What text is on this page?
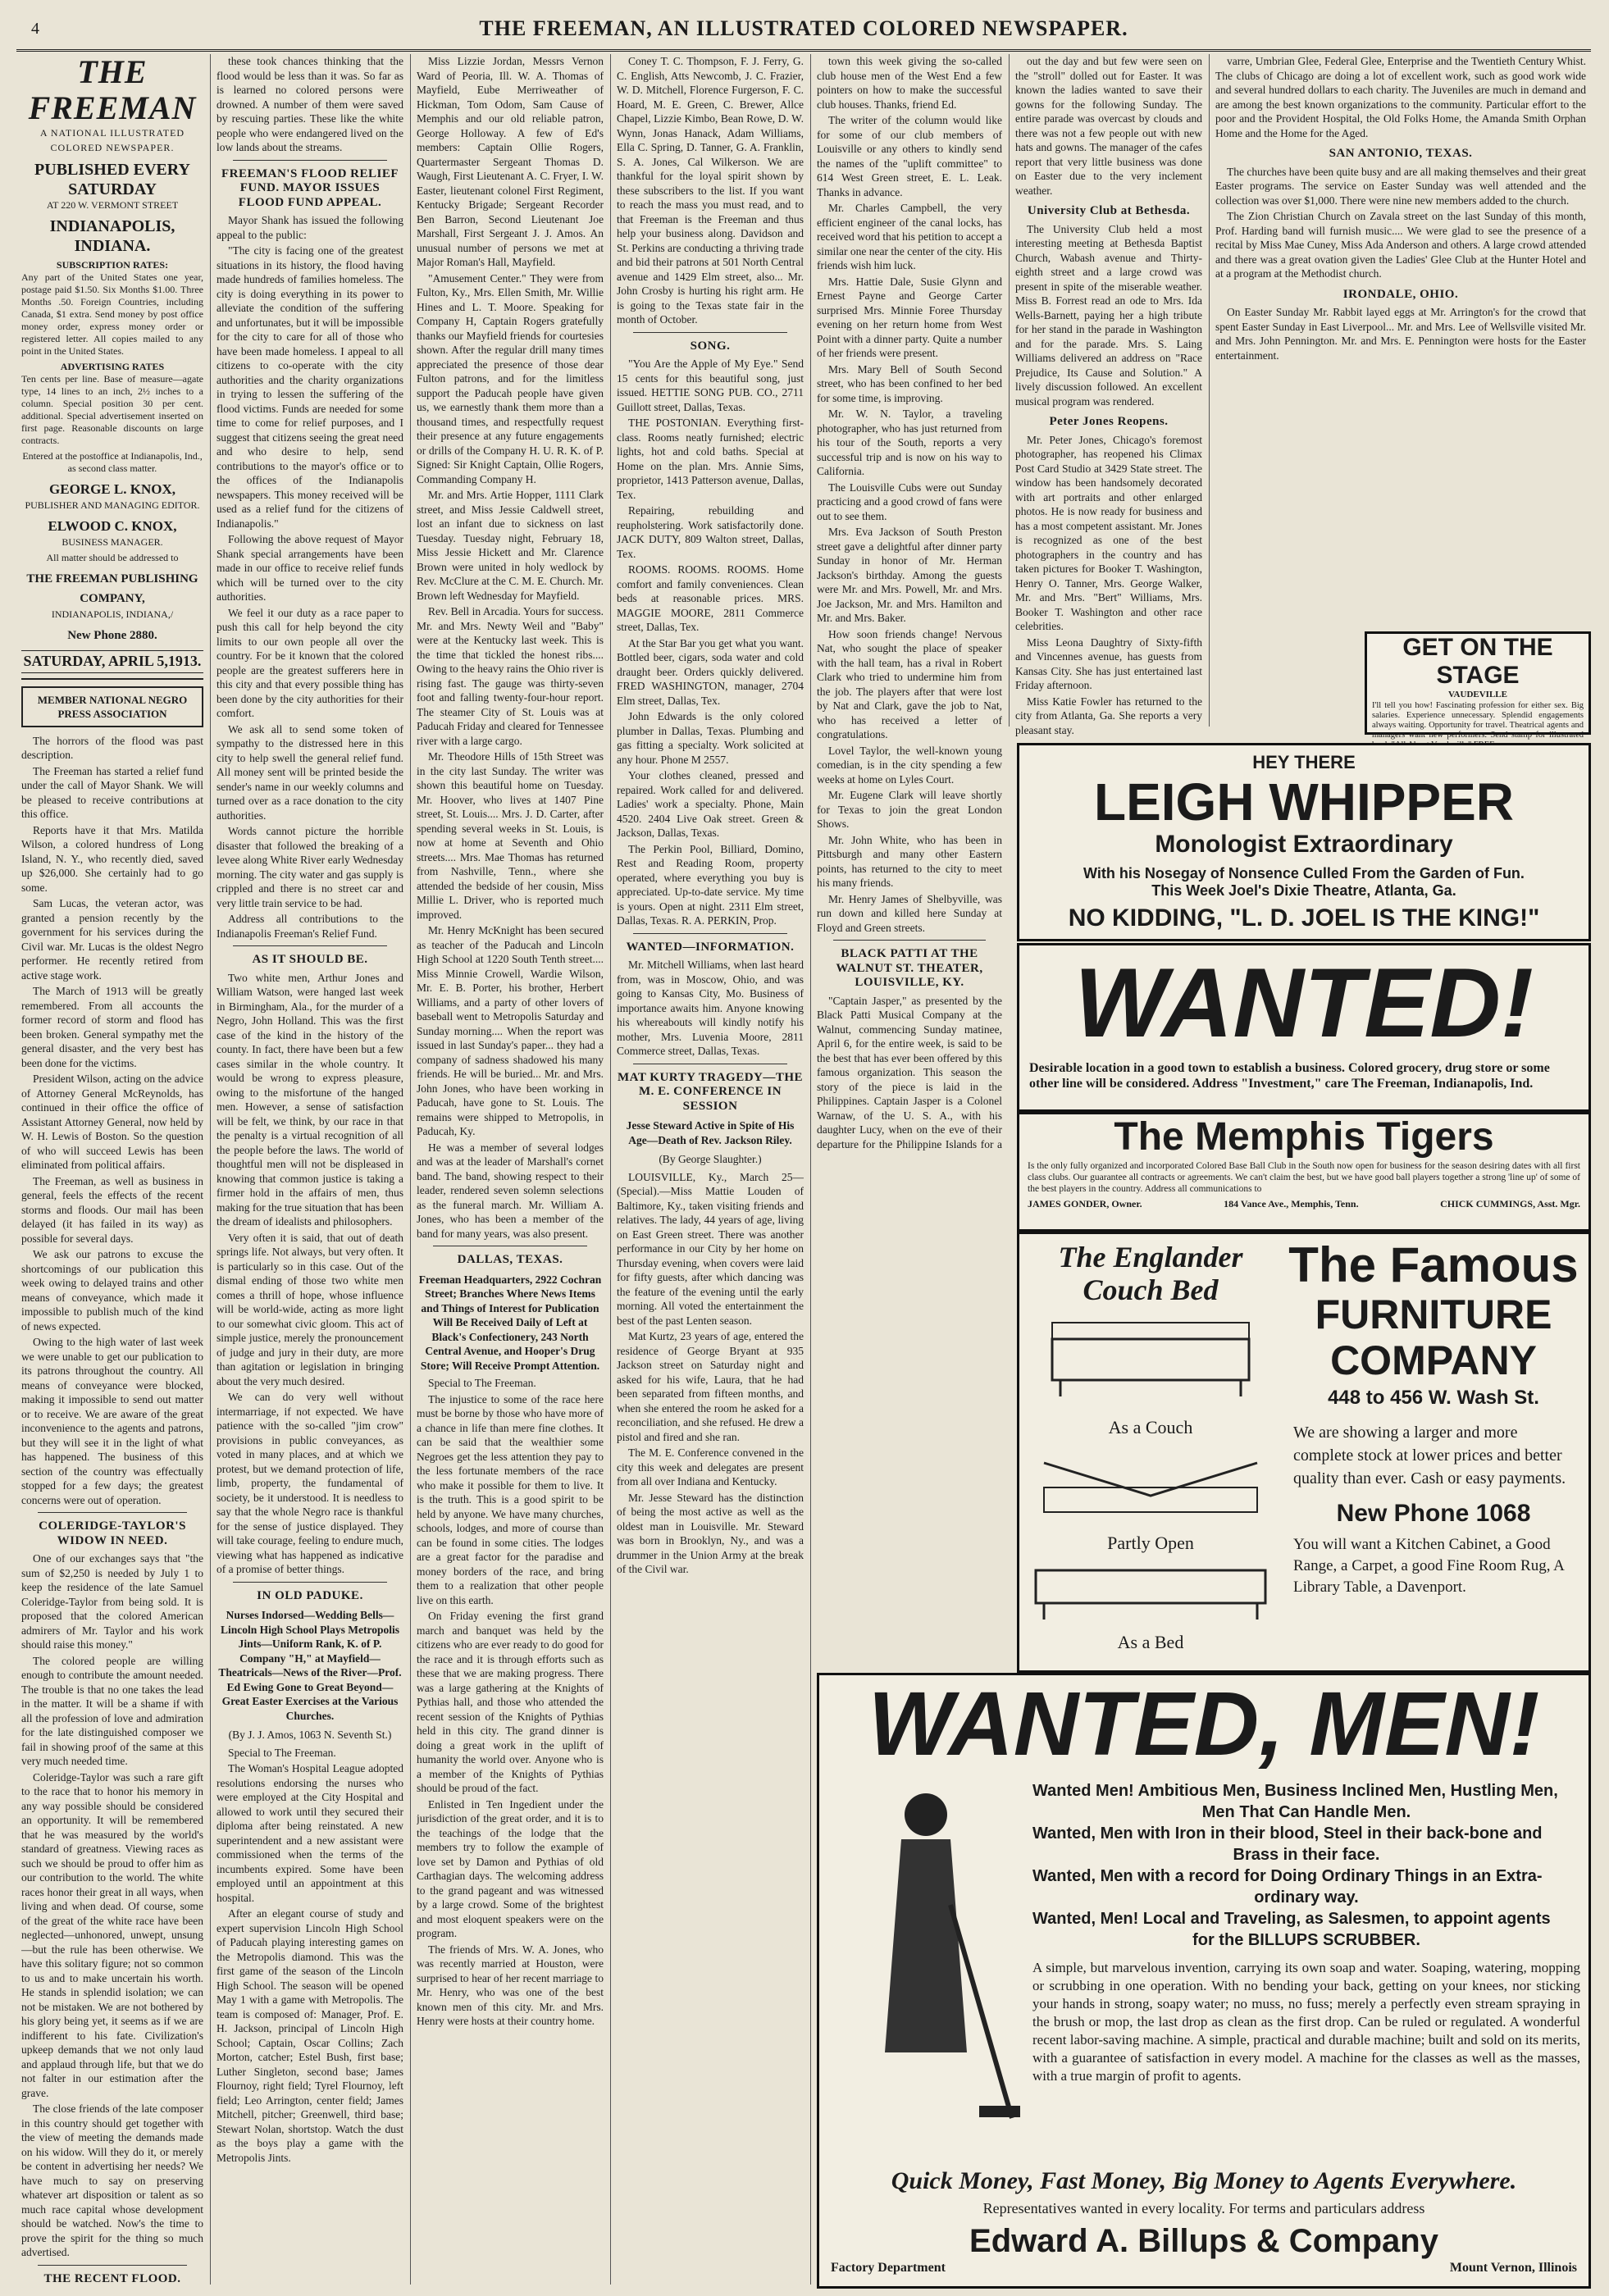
4	THE FREEMAN, AN ILLUSTRATED COLORED NEWSPAPER.
THE FREEMAN
A NATIONAL ILLUSTRATED COLORED NEWSPAPER.
PUBLISHED EVERY SATURDAY
AT 220 W. VERMONT STREET
INDIANAPOLIS, INDIANA.
SUBSCRIPTION RATES:
Any part of the United States one year, postage paid $1.50. Six Months $1.00. Three Months .50. Foreign Countries, including Canada, $1 extra. Send money by post office money order, express money order or registered letter. All copies mailed to any point in the United States.
ADVERTISING RATES
Ten cents per line. Base of measure—agate type, 14 lines to an inch, 2½ inches to a column. Special position 30 per cent. additional. Special advertisement inserted on first page. Reasonable discounts on large contracts.
Entered at the postoffice at Indianapolis, Ind., as second class matter.
GEORGE L. KNOX,
PUBLISHER AND MANAGING EDITOR.
ELWOOD C. KNOX,
BUSINESS MANAGER.
All matter should be addressed to
THE FREEMAN PUBLISHING COMPANY,
INDIANAPOLIS, INDIANA,/
New Phone 2880.
SATURDAY, APRIL 5,1913.
MEMBER NATIONAL NEGRO PRESS ASSOCIATION

The horrors of the flood was past description.

The Freeman has started a relief fund under the call of Mayor Shank. We will be pleased to receive contributions at this office.

Reports have it that Mrs. Matilda Wilson, a colored hundress of Long Island, N. Y., who recently died, saved up $26,000. She certainly had to go some.

Sam Lucas, the veteran actor, was granted a pension recently by the government for his services during the Civil war. Mr. Lucas is the oldest Negro performer. He recently retired from active stage work.

The March of 1913 will be greatly remembered. From all accounts the former record of storm and flood has been broken. General sympathy met the general disaster, and the very best has been done for the victims.

President Wilson, acting on the advice of Attorney General McReynolds, has continued in their office the office of Assistant Attorney General, now held by W. H. Lewis of Boston. So the question of who will succeed Lewis has been eliminated from political affairs.

The Freeman, as well as business in general, feels the effects of the recent storms and floods. Our mail has been delayed (it has failed in its way) as possible for several days.

We ask our patrons to excuse the shortcomings of our publication this week owing to delayed trains and other means of conveyance, which made it impossible to publish much of the kind of news expected.

Owing to the high water of last week we were unable to get our publication to its patrons throughout the country. All means of conveyance were blocked, making it impossible to send out matter or to receive. We are aware of the great inconvenience to the agents and patrons, but they will see it in the light of what has happened. The business of this section of the country was effectually stopped for a few days; the greatest concerns were out of operation.

COLERIDGE-TAYLOR'S WIDOW IN NEED.

One of our exchanges says that "the sum of $2,250 is needed by July 1 to keep the residence of the late Samuel Coleridge-Taylor from being sold. It is proposed that the colored American admirers of Mr. Taylor and his work should raise this money."

The colored people are willing enough to contribute the amount needed. The trouble is that no one takes the lead in the matter. It will be a shame if with all the profession of love and admiration for the late distinguished composer we fail in showing proof of the same at this very much needed time.

Coleridge-Taylor was such a rare gift to the race that to honor his memory in any way possible should be considered an opportunity. It will be remembered that he was measured by the world's standard of greatness. Viewing races as such we should be proud to offer him as our contribution to the world. The white races honor their great in all ways, when living and when dead. Of course, some of the great of the white race have been neglected—unhonored, unwept, unsung—but the rule has been otherwise. We have this solitary figure; not so common to us and to make uncertain his worth. He stands in splendid isolation; we can not be mistaken. We are not bothered by his glory being yet, it seems as if we are indifferent to his fate. Civilization's upkeep demands that we not only laud and applaud through life, but that we do not falter in our estimation after the grave.

The close friends of the late composer in this country should get together with the view of meeting the demands made on his widow. Will they do it, or merely be content in advertising her needs? We have much to say on preserving whatever art disposition or talent as so much race capital whose development should be watched. Now's the time to prove the spirit for the thing so much advertised.

THE RECENT FLOOD.

these took chances thinking that the flood would be less than it was. So far as is learned no colored persons were drowned. A number of them were saved by rescuing parties. These like the white people who were endangered lived on the low lands about the streams.

FREEMAN'S FLOOD RELIEF FUND. MAYOR ISSUES FLOOD FUND APPEAL.

Mayor Shank has issued the following appeal to the public:

"The city is facing one of the greatest situations in its history, the flood having made hundreds of families homeless. The city is doing everything in its power to alleviate the condition of the suffering and unfortunates, but it will be impossible for the city to care for all of those who have been made homeless. I appeal to all citizens to co-operate with the city authorities and the charity organizations in trying to lessen the suffering of the flood victims. Funds are needed for some time to come for relief purposes, and I suggest that citizens seeing the great need and who desire to help, send contributions to the mayor's office or to the offices of the Indianapolis newspapers. This money received will be used as a relief fund for the citizens of Indianapolis."

Following the above request of Mayor Shank special arrangements have been made in our office to receive relief funds which will be turned over to the city authorities.

We feel it our duty as a race paper to push this call for help beyond the city limits to our own people all over the country. For be it known that the colored people are the greatest sufferers here in this city and that every possible thing has been done by the city authorities for their comfort.

We ask all to send some token of sympathy to the distressed here in this city to help swell the general relief fund. All money sent will be printed beside the sender's name in our weekly columns and turned over as a race donation to the city authorities.

Words cannot picture the horrible disaster that followed the breaking of a levee along White River early Wednesday morning. The city water and gas supply is crippled and there is no street car and very little train service to be had.

Address all contributions to the Indianapolis Freeman's Relief Fund.

AS IT SHOULD BE.

Two white men, Arthur Jones and William Watson, were hanged last week in Birmingham, Ala., for the murder of a Negro, John Holland. This was the first case of the kind in the history of the county. In fact, there have been but a few cases similar in the whole country. It would be wrong to express pleasure, owing to the misfortune of the hanged men. However, a sense of satisfaction will be felt, we think, by our race in that the penalty is a virtual recognition of all the people before the laws. The world of thoughtful men will not be displeased in knowing that common justice is taking a firmer hold in the affairs of men, thus making for the true situation that has been the dream of idealists and philosophers.

Very often it is said, that out of death springs life. Not always, but very often. It is particularly so in this case. Out of the dismal ending of those two white men comes a thrill of hope, whose influence will be world-wide, acting as more light to our somewhat civic gloom. This act of simple justice, merely the pronouncement of judge and jury in their duty, are more than agitation or legislation in bringing about the very much desired.

We can do very well without intermarriage, if not expected. We have patience with the so-called "jim crow" provisions in public conveyances, as voted in many places, and at which we protest, but we demand protection of life, limb, property, the fundamental of society, be it understood. It is needless to say that the whole Negro race is thankful for the sense of justice displayed. They will take courage, feeling to endure much, viewing what has happened as indicative of a promise of better things.

IN OLD PADUKE.
Nurses Indorsed—Wedding Bells—Lincoln High School Plays Metropolis Jints—Uniform Rank, K. of P. Company "H," at Mayfield—Theatricals—News of the River—Prof. Ed Ewing Gone to Great Beyond—Great Easter Exercises at the Various Churches.
(By J. J. Amos, 1063 N. Seventh St.)

Special to The Freeman.

The Woman's Hospital League adopted resolutions endorsing the nurses who were employed at the City Hospital and allowed to work until they secured their diploma after being reinstated. A new superintendent and a new assistant were commissioned when the terms of the incumbents expired. Some have been employed until an appointment at this hospital.

After an elegant course of study and expert supervision Lincoln High School of Paducah playing interesting games on the Metropolis diamond. This was the first game of the season of the Lincoln High School. The season will be opened May 1 with a game with Metropolis. The team is composed of: Manager, Prof. E. H. Jackson, principal of Lincoln High School; Captain, Oscar Collins; Zach Morton, catcher; Estel Bush, first base; Luther Singleton, second base; James Flournoy, right field; Tyrel Flournoy, left field; Leo Arrington, center field; James Mitchell, pitcher; Greenwell, third base; Stewart Nolan, shortstop. Watch the dust as the boys play a game with the Metropolis Jints.

Miss Lizzie Jordan, Messrs Vernon Ward of Peoria, Ill. W. A. Thomas of Mayfield, Eube Merriweather of Hickman, Tom Odom, Sam Cause of Memphis and our old reliable patron, George Holloway. A few of Ed's members: Captain Ollie Rogers, Quartermaster Sergeant Thomas D. Waugh, First Lieutenant A. C. Fryer, I. W. Easter, lieutenant colonel First Regiment, Kentucky Brigade; Sergeant Recorder Ben Barron, Second Lieutenant Joe Marshall, First Sergeant J. J. Amos. An unusual number of persons we met at Major Roman's Hall, Mayfield.

"Amusement Center." They were from Fulton, Ky., Mrs. Ellen Smith, Mr. Willie Hines and L. T. Moore. Speaking for Company H, Captain Rogers gratefully thanks our Mayfield friends for courtesies shown. After the regular drill many times appreciated the presence of those dear Fulton patrons, and for the limitless support the Paducah people have given us, we earnestly thank them more than a thousand times, and respectfully request their presence at any future engagements or drills of the Company H. U. R. K. of P. Signed: Sir Knight Captain, Ollie Rogers, Commanding Company H.

Mr. and Mrs. Artie Hopper, 1111 Clark street, and Miss Jessie Caldwell street, lost an infant due to sickness on last Tuesday. Tuesday night, February 18, Miss Jessie Hickett and Mr. Clarence Brown were united in holy wedlock by Rev. McClure at the C. M. E. Church. Mr. Brown left Wednesday for Mayfield.

Rev. Bell in Arcadia. Yours for success. Mr. and Mrs. Newty Weil and "Baby" were at the Kentucky last week. This is the time that tickled the honest ribs.... Owing to the heavy rains the Ohio river is rising fast. The gauge was thirty-seven foot and falling twenty-four-hour report. The steamer City of St. Louis was at Paducah Friday and cleared for Tennessee river with a large cargo.

Mr. Theodore Hills of 15th Street was in the city last Sunday. The writer was shown this beautiful home on Tuesday. Mr. Hoover, who lives at 1407 Pine street, St. Louis.... Mrs. J. D. Carter, after spending several weeks in St. Louis, is now at home at Seventh and Ohio streets.... Mrs. Mae Thomas has returned from Nashville, Tenn., where she attended the bedside of her cousin, Miss Millie L. Driver, who is reported much improved.

Mr. Henry McKnight has been secured as teacher of the Paducah and Lincoln High School at 1220 South Tenth street.... Miss Minnie Crowell, Wardie Wilson, Mr. E. B. Porter, his brother, Herbert Williams, and a party of other lovers of baseball went to Metropolis Saturday and Sunday morning.... When the report was issued in last Sunday's paper... they had a company of sadness shadowed his many friends. He will be buried... Mr. and Mrs. John Jones, who have been working in Paducah, have gone to St. Louis. The remains were shipped to Metropolis, in Paducah, Ky.

He was a member of several lodges and was at the leader of Marshall's cornet band. The band, showing respect to their leader, rendered seven solemn selections as the funeral march. Mr. William A. Jones, who has been a member of the band for many years, was also present.

DALLAS, TEXAS.
Freeman Headquarters, 2922 Cochran Street; Branches Where News Items and Things of Interest for Publication Will Be Received Daily of Left at Black's Confectionery, 243 North Central Avenue, and Hooper's Drug Store; Will Receive Prompt Attention.

Special to The Freeman.

The injustice to some of the race here must be borne by those who have more of a chance in life than mere fine clothes. It can be said that the wealthier some Negroes get the less attention they pay to the less fortunate members of the race who make it possible for them to live. It is the truth. This is a good spirit to be held by anyone. We have many churches, schools, lodges, and more of course than can be found in some cities. The lodges are a great factor for the paradise and money borders of the race, and bring them to a realization that other people live on this earth.

On Friday evening the first grand march and banquet was held by the citizens who are ever ready to do good for the race and it is through efforts such as these that we are making progress. There was a large gathering at the Knights of Pythias hall, and those who attended the recent session of the Knights of Pythias held in this city. The grand dinner is doing a great work in the uplift of humanity the world over. Anyone who is a member of the Knights of Pythias should be proud of the fact.

Enlisted in Ten Ingedient under the jurisdiction of the great order, and it is to the teachings of the lodge that the members try to follow the example of love set by Damon and Pythias of old Carthagian days. The welcoming address to the grand pageant and was witnessed by a large crowd. Some of the brightest and most eloquent speakers were on the program.

The friends of Mrs. W. A. Jones, who was recently married at Houston, were surprised to hear of her recent marriage to Mr. Henry, who was one of the best known men of this city. Mr. and Mrs. Henry were hosts at their country home.

Coney T. C. Thompson, F. J. Ferry, G. C. English, Atts Newcomb, J. C. Frazier, W. D. Mitchell, Florence Furgerson, F. C. Hoard, M. E. Green, C. Brewer, Allce Chapel, Lizzie Kimbo, Bean Rowe, D. W. Wynn, Jonas Hanack, Adam Williams, Ella C. Spring, D. Tanner, G. A. Franklin, S. A. Jones, Cal Wilkerson. We are thankful for the loyal spirit shown by these subscribers to the list. If you want to reach the mass you must read, and to that Freeman is the Freeman and thus help your business along. Davidson and St. Perkins are conducting a thriving trade and bid their patrons at 501 North Central avenue and 1429 Elm street, also... Mr. John Crosby is hurting his right arm. He is going to the Texas state fair in the month of October.

SONG.

"You Are the Apple of My Eye." Send 15 cents for this beautiful song, just issued. HETTIE SONG PUB. CO., 2711 Guillott street, Dallas, Texas.

THE POSTONIAN. Everything first-class. Rooms neatly furnished; electric lights, hot and cold baths. Special at Home on the plan. Mrs. Annie Sims, proprietor, 1413 Patterson avenue, Dallas, Tex.

Repairing, rebuilding and reupholstering. Work satisfactorily done. JACK DUTY, 809 Walton street, Dallas, Tex.

ROOMS. ROOMS. ROOMS. Home comfort and family conveniences. Clean beds at reasonable prices. MRS. MAGGIE MOORE, 2811 Commerce street, Dallas, Tex.

At the Star Bar you get what you want. Bottled beer, cigars, soda water and cold draught beer. Orders quickly delivered. FRED WASHINGTON, manager, 2704 Elm street, Dallas, Tex.

John Edwards is the only colored plumber in Dallas, Texas. Plumbing and gas fitting a specialty. Work solicited at any hour. Phone M 2557.

Your clothes cleaned, pressed and repaired. Work called for and delivered. Ladies' work a specialty. Phone, Main 4520. 2404 Live Oak street. Green & Jackson, Dallas, Texas.

The Perkin Pool, Billiard, Domino, Rest and Reading Room, property operated, where everything you buy is appreciated. Up-to-date service. My time is yours. Open at night. 2311 Elm street, Dallas, Texas. R. A. PERKIN, Prop.

WANTED—INFORMATION.

Mr. Mitchell Williams, when last heard from, was in Moscow, Ohio, and was going to Kansas City, Mo. Business of importance awaits him. Anyone knowing his whereabouts will kindly notify his mother, Mrs. Luvenia Moore, 2811 Commerce street, Dallas, Texas.

MAT KURTY TRAGEDY—THE M. E. CONFERENCE IN SESSION
Jesse Steward Active in Spite of His Age—Death of Rev. Jackson Riley.
(By George Slaughter.)

LOUISVILLE, Ky., March 25—(Special).—Miss Mattie Louden of Baltimore, Ky., taken visiting friends and relatives. The lady, 44 years of age, living on East Green street. There was another performance in our City by her home on Thursday evening, when covers were laid for fifty guests, after which dancing was the feature of the evening until the early morning. All voted the entertainment the best of the past Lenten season.

Mat Kurtz, 23 years of age, entered the residence of George Bryant at 935 Jackson street on Saturday night and asked for his wife, Laura, that he had been separated from fifteen months, and when she entered the room he asked for a reconciliation, and she refused. He drew a pistol and fired and she ran.

The M. E. Conference convened in the city this week and delegates are present from all over Indiana and Kentucky.

Mr. Jesse Steward has the distinction of being the most active as well as the oldest man in Louisville. Mr. Steward was born in Brooklyn, Ny., and was a drummer in the Union Army at the break of the Civil war.

town this week giving the so-called club house men of the West End a few pointers on how to make the successful club houses. Thanks, friend Ed.

The writer of the column would like for some of our club members of Louisville or any others to kindly send the names of the "uplift committee" to 614 West Green street, E. L. Leak. Thanks in advance.

Mr. Charles Campbell, the very efficient engineer of the canal locks, has received word that his petition to accept a similar one near the center of the city. His friends wish him luck.

Mrs. Hattie Dale, Susie Glynn and Ernest Payne and George Carter surprised Mrs. Minnie Foree Thursday evening on her return home from West Point with a dinner party. Quite a number of her friends were present.

Mrs. Mary Bell of South Second street, who has been confined to her bed for some time, is improving.

Mr. W. N. Taylor, a traveling photographer, who has just returned from his tour of the South, reports a very successful trip and is now on his way to California.

The Louisville Cubs were out Sunday practicing and a good crowd of fans were out to see them.

Mrs. Eva Jackson of South Preston street gave a delightful after dinner party Sunday in honor of Mr. Herman Jackson's birthday. Among the guests were Mr. and Mrs. Powell, Mr. and Mrs. Joe Jackson, Mr. and Mrs. Hamilton and Mr. and Mrs. Baker.

How soon friends change! Nervous Nat, who sought the place of speaker with the hall team, has a rival in Robert Clark who tried to undermine him from the job. The players after that were lost by Nat and Clark, gave the job to Nat, who has received a letter of congratulations.

Lovel Taylor, the well-known young comedian, is in the city spending a few weeks at home on Lyles Court.

Mr. Eugene Clark will leave shortly for Texas to join the great London Shows.

Mr. John White, who has been in Pittsburgh and many other Eastern points, has returned to the city to meet his many friends.

Mr. Henry James of Shelbyville, was run down and killed here Sunday at Floyd and Green streets.

BLACK PATTI AT THE WALNUT ST. THEATER, LOUISVILLE, KY.

"Captain Jasper," as presented by the Black Patti Musical Company at the Walnut, commencing Sunday matinee, April 6, for the entire week, is said to be the best that has ever been offered by this famous organization. This season the story of the piece is laid in the Philippines. Captain Jasper is a Colonel Warnaw, of the U. S. A., with his daughter Lucy, when on the eve of their departure for the Philippine Islands for a

out the day and but few were seen on the "stroll" dolled out for Easter. It was known the ladies wanted to save their gowns for the following Sunday. The entire parade was overcast by clouds and there was not a few people out with new hats and gowns. The manager of the cafes report that very little business was done on Easter due to the very inclement weather.

University Club at Bethesda.

The University Club held a most interesting meeting at Bethesda Baptist Church, Wabash avenue and Thirty-eighth street and a large crowd was present in spite of the miserable weather. Miss B. Forrest read an ode to Mrs. Ida Wells-Barnett, paying her a high tribute for her stand in the parade in Washington and for the parade. Mrs. S. Laing Williams delivered an address on "Race Prejudice, Its Cause and Solution." A lively discussion followed. An excellent musical program was rendered.

Peter Jones Reopens.

Mr. Peter Jones, Chicago's foremost photographer, has reopened his Climax Post Card Studio at 3429 State street. The window has been handsomely decorated with art portraits and other enlarged photos. He is now ready for business and has a most competent assistant. Mr. Jones is recognized as one of the best photographers in the country and has taken pictures for Booker T. Washington, Henry O. Tanner, Mrs. George Walker, Mr. and Mrs. "Bert" Williams, Mrs. Booker T. Washington and other race celebrities.

Miss Leona Daughtry of Sixty-fifth and Vincennes avenue, has guests from Kansas City. She has just entertained last Friday afternoon.

Miss Katie Fowler has returned to the city from Atlanta, Ga. She reports a very pleasant stay.

varre, Umbrian Glee, Federal Glee, Enterprise and the Twentieth Century Whist. The clubs of Chicago are doing a lot of excellent work, such as good work wide and several hundred dollars to each charity. The Juveniles are much in demand and are among the best known organizations to the community. Particular effort to the poor and the Provident Hospital, the Old Folks Home, the Amanda Smith Orphan Home and the Home for the Aged.

SAN ANTONIO, TEXAS.

The churches have been quite busy and are all making themselves and their great Easter programs. The service on Easter Sunday was well attended and the collection was over $1,000. There were nine new members added to the church.

The Zion Christian Church on Zavala street on the last Sunday of this month, Prof. Harding band will furnish music.... We were glad to see the presence of a recital by Miss Mae Cuney, Miss Ada Anderson and others. A large crowd attended and there was a great ovation given the Ladies' Glee Club at the Hunter Hotel and at a program at the Methodist church.

IRONDALE, OHIO.

On Easter Sunday Mr. Rabbit layed eggs at Mr. Arrington's for the crowd that spent Easter Sunday in East Liverpool... Mr. and Mrs. Lee of Wellsville visited Mr. and Mrs. John Pennington. Mr. and Mrs. E. Pennington were hosts for the Easter entertainment.

GET ON THE STAGE
VAUDEVILLE
I'll tell you how! Fascinating profession for either sex. Big salaries. Experience unnecessary. Splendid engagements always waiting. Opportunity for travel. Theatrical agents and managers want new performers. Send stamp for illustrated
HEY THERE
LEIGH WHIPPER
Monologist Extraordinary
With his Nosegay of Nonsence Culled From the Garden of Fun.
This Week Joel's Dixie Theatre, Atlanta, Ga.
NO KIDDING, "L. D. JOEL IS THE KING!"
WANTED!
Desirable location in a good town to establish a business. Colored grocery, drug store or some other line will be considered. Address "Investment," care The Freeman, Indianapolis, Ind.
The Memphis Tigers
Is the only fully organized and incorporated Colored Base Ball Club in the South now open for business for the season desiring dates with all first class clubs. Our guarantee all contracts or agreements. We can't claim the best, but we have good ball players together a strong 'line up' of some of the best players in the country. Address all communications to
JAMES GONDER, Owner.	184 Vance Ave., Memphis, Tenn.	CHICK CUMMINGS, Asst. Mgr.
The Englander Couch Bed
As a Couch
Partly Open
As a Bed
The Famous
FURNITURE
COMPANY
448 to 456 W. Wash St.
We are showing a larger and more complete stock at lower prices and better quality than ever. Cash or easy payments.
New Phone 1068
You will want a Kitchen Cabinet, a Good Range, a Carpet, a good Fine Room Rug, A Library Table, a Davenport.
WANTED, MEN!
Wanted Men! Ambitious Men, Business Inclined Men, Hustling Men,
Men That Can Handle Men.
Wanted, Men with Iron in their blood, Steel in their back-bone and
Brass in their face.
Wanted, Men with a record for Doing Ordinary Things in an Extra-
ordinary way.
Wanted, Men! Local and Traveling, as Salesmen, to appoint agents
for the BILLUPS SCRUBBER.
A simple, but marvelous invention, carrying its own soap and water. Soaping, watering, mopping or scrubbing in one operation. With no bending your back, getting on your knees, nor sticking your hands in strong, soapy water; no muss, no fuss; merely a perfectly even stream spraying in the brush or mop, the last drop as clean as the first drop. Can be ruled or regulated. A wonderful recent labor-saving machine. A simple, practical and durable machine; built and sold on its merits, with a guarantee of satisfaction in every model. A machine for the classes as well as the masses, with a true margin of profit to agents.
Quick Money, Fast Money, Big Money to Agents Everywhere.
Representatives wanted in every locality. For terms and particulars address
Edward A. Billups & Company
Factory Department	Mount Vernon, Illinois
